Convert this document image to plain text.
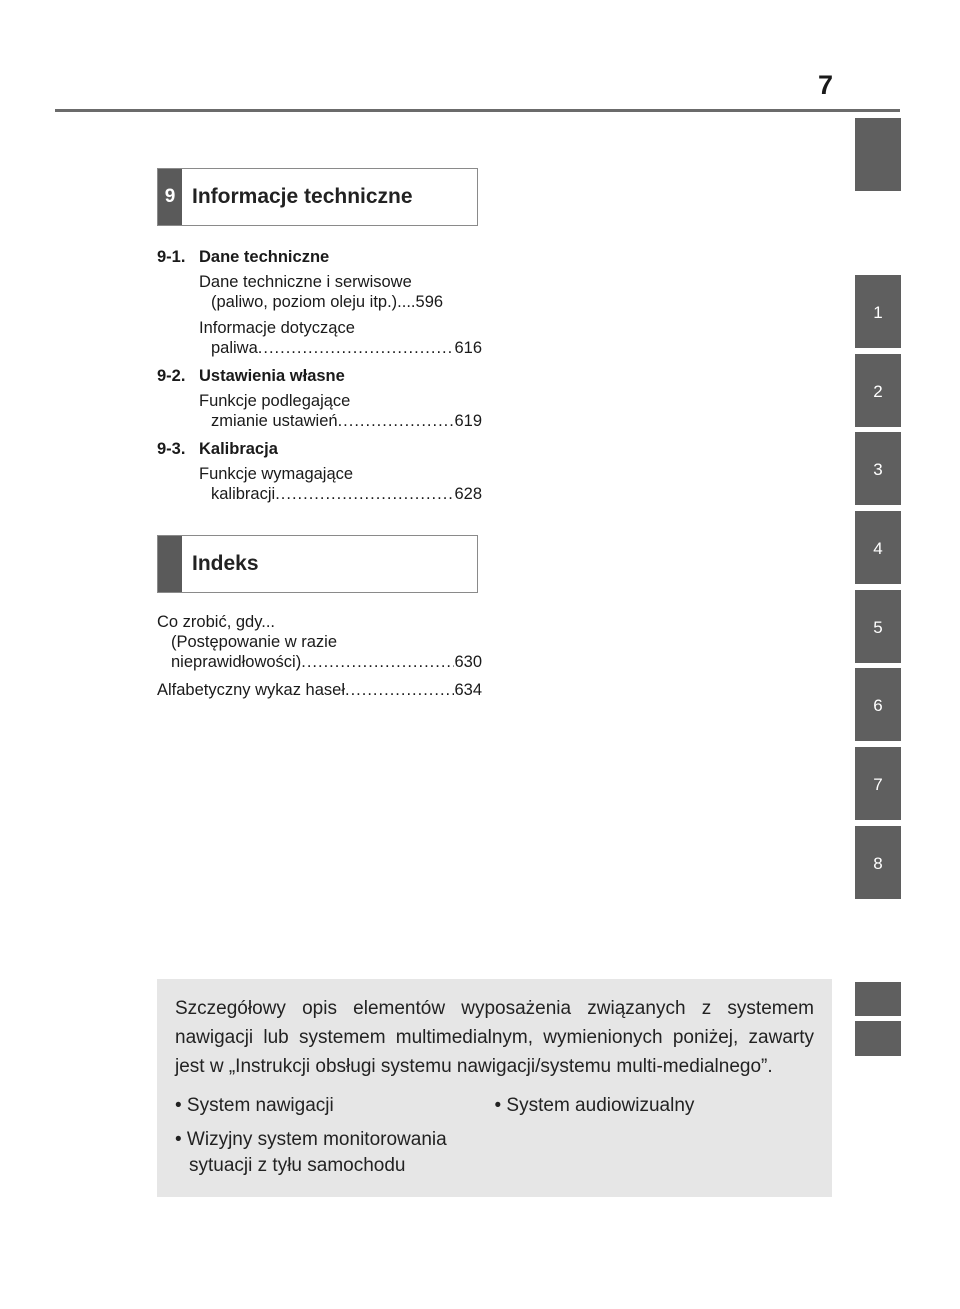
7
1
2
3
4
5
6
7
8
9 Informacje techniczne
9-1. Dane techniczne
Dane techniczne i serwisowe
(paliwo, poziom oleju itp.).... 596
Informacje dotyczące
paliwa .....	616
9-2. Ustawienia własne
Funkcje podlegające
zmianie ustawień .....	619
9-3. Kalibracja
Funkcje wymagające
kalibracji .....	628
Indeks
Co zrobić, gdy...
(Postępowanie w razie
nieprawidłowości) .....	630
Alfabetyczny wykaz haseł .....	634
Szczegółowy opis elementów wyposażenia związanych z systemem nawigacji lub systemem multimedialnym, wymienionych poniżej, zawarty jest w „Instrukcji obsługi systemu nawigacji/systemu multi-medialnego”.
• System nawigacji
• Wizyjny system monitorowania
sytuacji z tyłu samochodu
• System audiowizualny
